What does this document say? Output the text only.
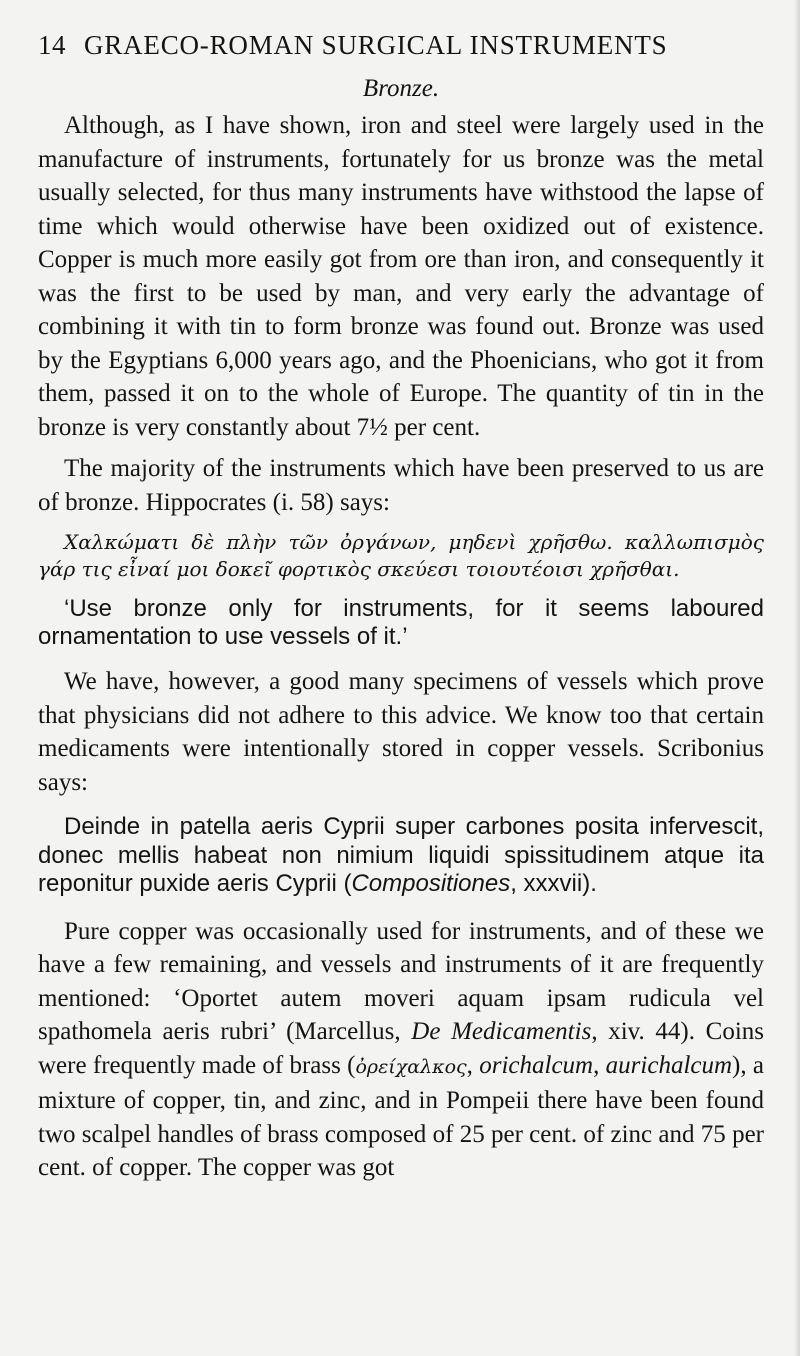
14 GRAECO-ROMAN SURGICAL INSTRUMENTS

Bronze.

Although, as I have shown, iron and steel were largely used in the manufacture of instruments, fortunately for us bronze was the metal usually selected, for thus many instruments have withstood the lapse of time which would otherwise have been oxidized out of existence. Copper is much more easily got from ore than iron, and consequently it was the first to be used by man, and very early the advantage of combining it with tin to form bronze was found out. Bronze was used by the Egyptians 6,000 years ago, and the Phoenicians, who got it from them, passed it on to the whole of Europe. The quantity of tin in the bronze is very constantly about 7½ per cent.

The majority of the instruments which have been preserved to us are of bronze. Hippocrates (i. 58) says:

Χαλκώματι δὲ πλὴν τῶν ὀργάνων, μηδενὶ χρῆσθω. καλλωπισμὸς γάρ τις εἶναί μοι δοκεῖ φορτικὸς σκεύεσι τοιουτέοισι χρῆσθαι.

‘Use bronze only for instruments, for it seems laboured ornamentation to use vessels of it.’

We have, however, a good many specimens of vessels which prove that physicians did not adhere to this advice. We know too that certain medicaments were intentionally stored in copper vessels. Scribonius says:

Deinde in patella aeris Cyprii super carbones posita infervescit, donec mellis habeat non nimium liquidi spissitudinem atque ita reponitur puxide aeris Cyprii (Compositiones, xxxvii).

Pure copper was occasionally used for instruments, and of these we have a few remaining, and vessels and instruments of it are frequently mentioned: ‘Oportet autem moveri aquam ipsam rudicula vel spathomela aeris rubri’ (Marcellus, De Medicamentis, xiv. 44). Coins were frequently made of brass (ὀρείχαλκος, orichalcum, aurichalcum), a mixture of copper, tin, and zinc, and in Pompeii there have been found two scalpel handles of brass composed of 25 per cent. of zinc and 75 per cent. of copper. The copper was got
